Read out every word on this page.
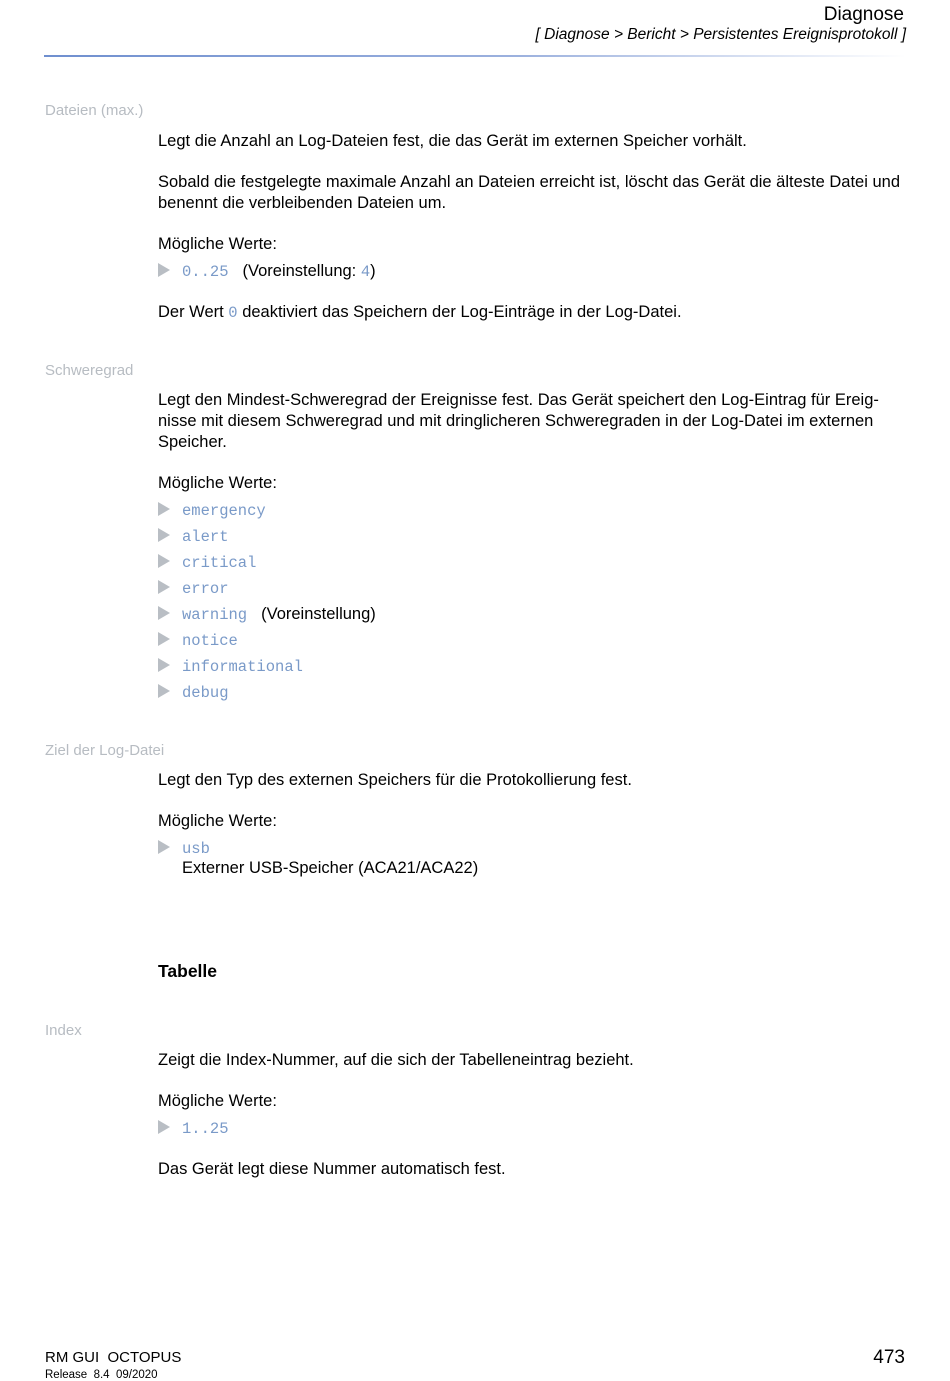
Diagnose
[ Diagnose > Bericht > Persistentes Ereignisprotokoll ]
Dateien (max.)
Legt die Anzahl an Log-Dateien fest, die das Gerät im externen Speicher vorhält.
Sobald die festgelegte maximale Anzahl an Dateien erreicht ist, löscht das Gerät die älteste Datei und benennt die verbleibenden Dateien um.
Mögliche Werte:
0..25 (Voreinstellung: 4)
Der Wert 0 deaktiviert das Speichern der Log-Einträge in der Log-Datei.
Schweregrad
Legt den Mindest-Schweregrad der Ereignisse fest. Das Gerät speichert den Log-Eintrag für Ereig-nisse mit diesem Schweregrad und mit dringlicheren Schweregraden in der Log-Datei im externen Speicher.
Mögliche Werte:
emergency
alert
critical
error
warning (Voreinstellung)
notice
informational
debug
Ziel der Log-Datei
Legt den Typ des externen Speichers für die Protokollierung fest.
Mögliche Werte:
usb
Externer USB-Speicher (ACA21/ACA22)
Tabelle
Index
Zeigt die Index-Nummer, auf die sich der Tabelleneintrag bezieht.
Mögliche Werte:
1..25
Das Gerät legt diese Nummer automatisch fest.
RM GUI  OCTOPUS
Release  8.4  09/2020
473
